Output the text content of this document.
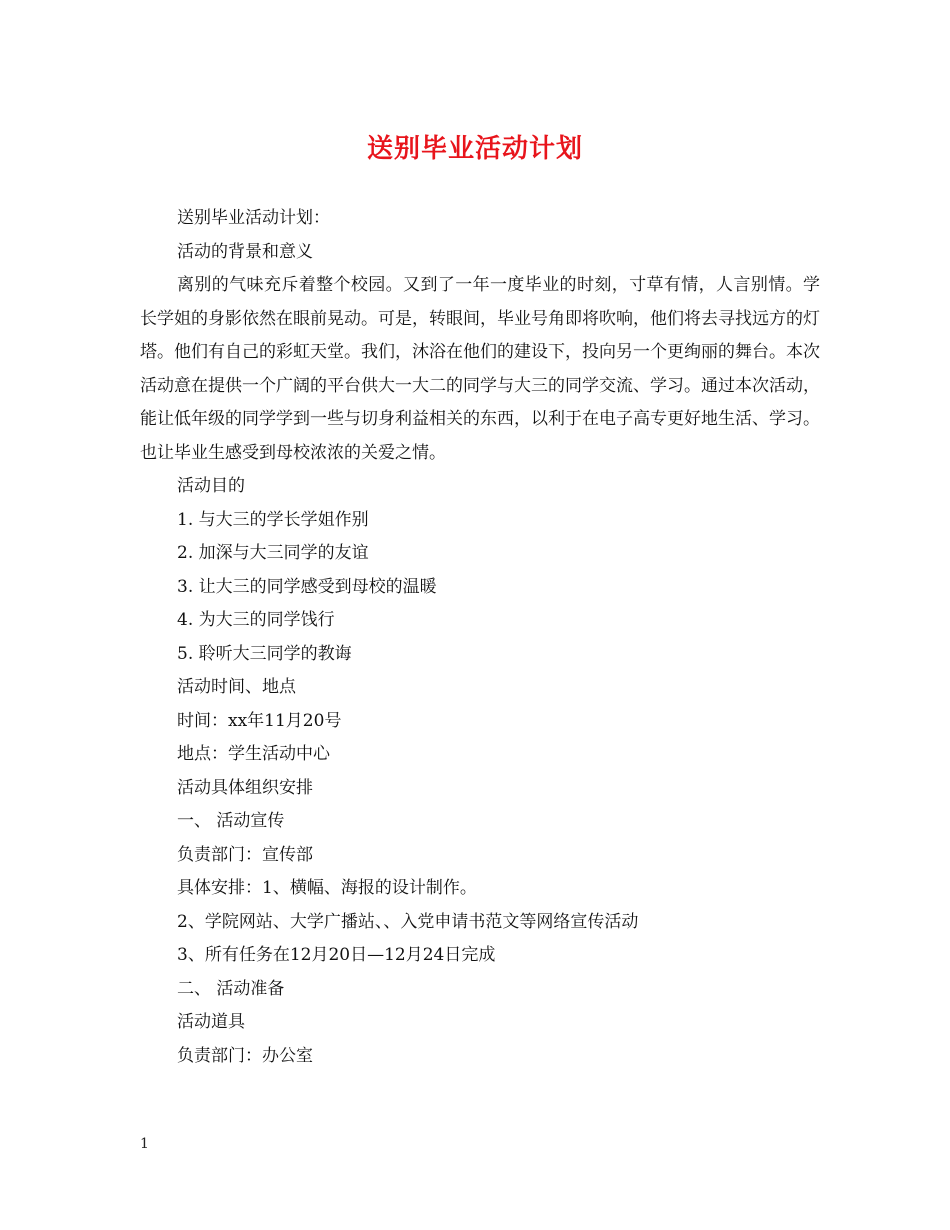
送别毕业活动计划
送别毕业活动计划：
活动的背景和意义
离别的气味充斥着整个校园。又到了一年一度毕业的时刻，寸草有情，人言别情。学长学姐的身影依然在眼前晃动。可是，转眼间，毕业号角即将吹响，他们将去寻找远方的灯塔。他们有自己的彩虹天堂。我们，沐浴在他们的建设下，投向另一个更绚丽的舞台。本次活动意在提供一个广阔的平台供大一大二的同学与大三的同学交流、学习。通过本次活动，能让低年级的同学学到一些与切身利益相关的东西，以利于在电子高专更好地生活、学习。也让毕业生感受到母校浓浓的关爱之情。
活动目的
1. 与大三的学长学姐作别
2. 加深与大三同学的友谊
3. 让大三的同学感受到母校的温暖
4. 为大三的同学饯行
5. 聆听大三同学的教诲
活动时间、地点
时间：xx年11月20号
地点：学生活动中心
活动具体组织安排
一、 活动宣传
负责部门：宣传部
具体安排：1、横幅、海报的设计制作。
2、学院网站、大学广播站、、入党申请书范文等网络宣传活动
3、所有任务在12月20日—12月24日完成
二、 活动准备
活动道具
负责部门：办公室
1
